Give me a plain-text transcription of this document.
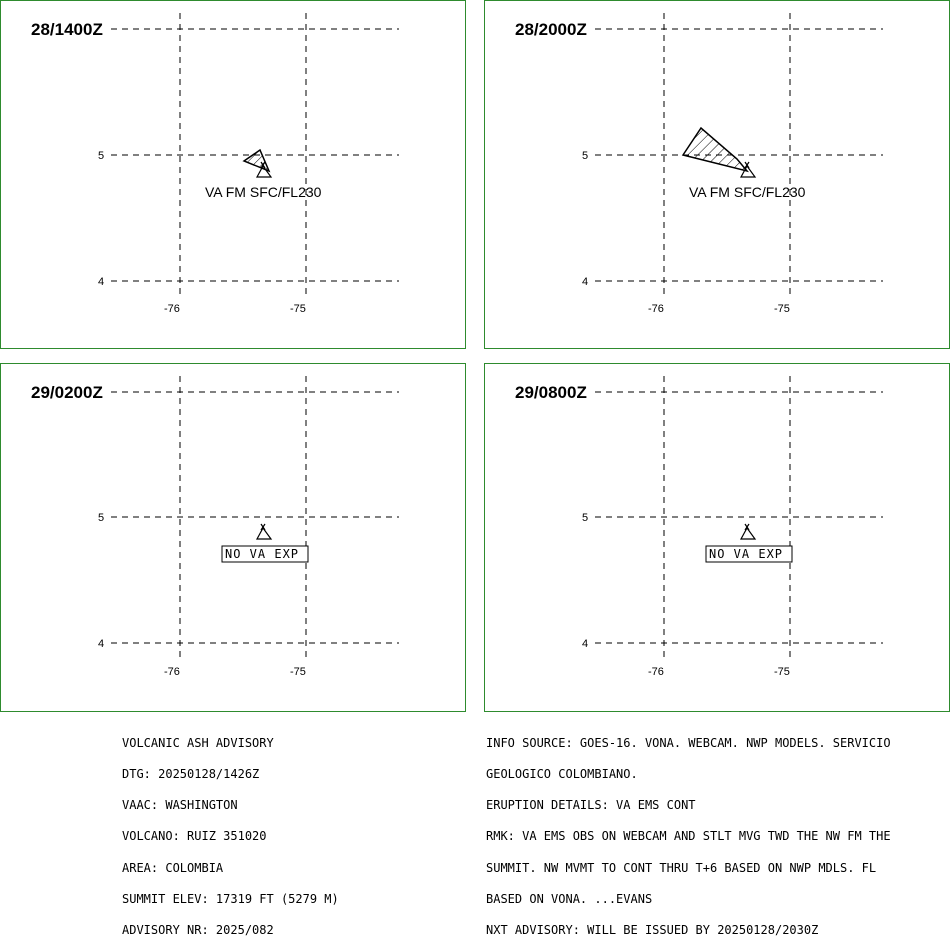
28/1400Z
5
4
-76	-75
VA FM SFC/FL230
28/2000Z
5
4
-76	-75
VA FM SFC/FL230
29/0200Z
5
4
-76	-75
NO VA EXP
29/0800Z
5
4
-76	-75
NO VA EXP

VOLCANIC ASH ADVISORY

DTG: 20250128/1426Z

VAAC: WASHINGTON

VOLCANO: RUIZ 351020

AREA: COLOMBIA

SUMMIT ELEV: 17319 FT (5279 M)

ADVISORY NR: 2025/082

INFO SOURCE: GOES-16. VONA. WEBCAM. NWP MODELS. SERVICIO

GEOLOGICO COLOMBIANO.

ERUPTION DETAILS: VA EMS CONT

RMK: VA EMS OBS ON WEBCAM AND STLT MVG TWD THE NW FM THE

SUMMIT. NW MVMT TO CONT THRU T+6 BASED ON NWP MDLS. FL

BASED ON VONA. ...EVANS

NXT ADVISORY: WILL BE ISSUED BY 20250128/2030Z
